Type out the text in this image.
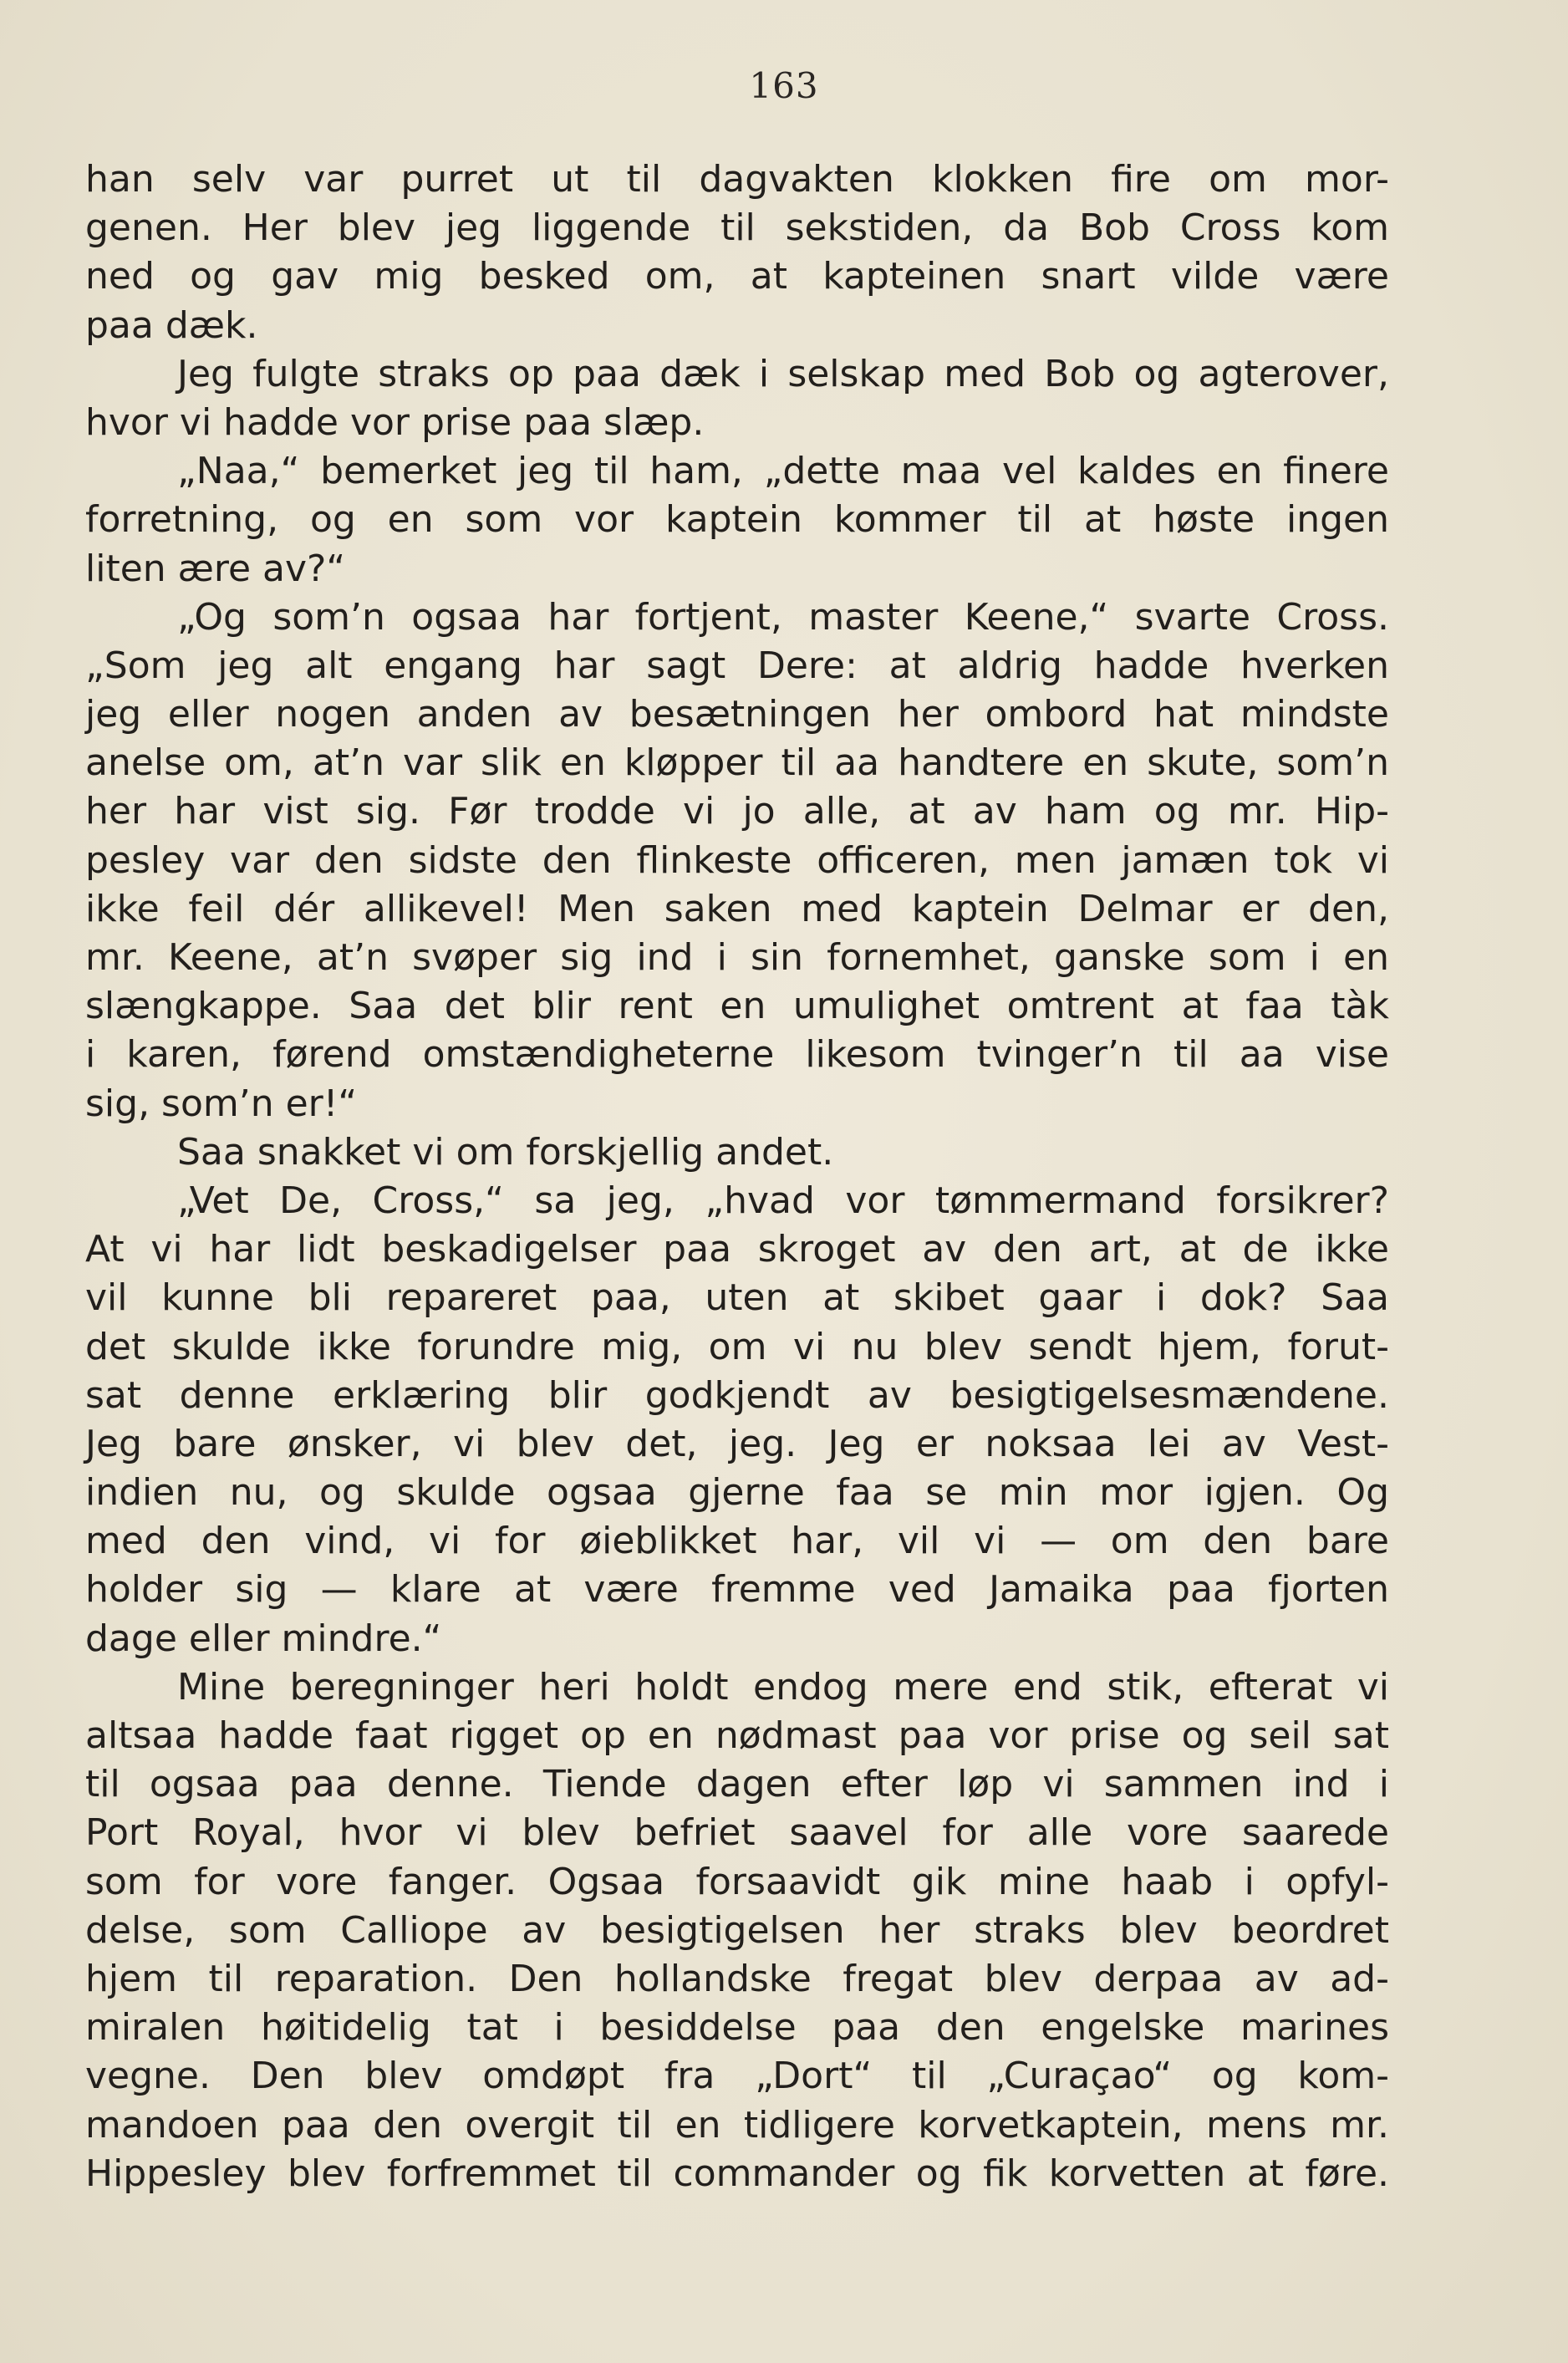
163
han selv var purret ut til dagvakten klokken fire om mor-
genen. Her blev jeg liggende til sekstiden, da Bob Cross kom
ned og gav mig besked om, at kapteinen snart vilde være
paa dæk.
Jeg fulgte straks op paa dæk i selskap med Bob og agterover,
hvor vi hadde vor prise paa slæp.
„Naa,“ bemerket jeg til ham, „dette maa vel kaldes en finere
forretning, og en som vor kaptein kommer til at høste ingen
liten ære av?“
„Og som’n ogsaa har fortjent, master Keene,“ svarte Cross.
„Som jeg alt engang har sagt Dere: at aldrig hadde hverken
jeg eller nogen anden av besætningen her ombord hat mindste
anelse om, at’n var slik en kløpper til aa handtere en skute, som’n
her har vist sig. Før trodde vi jo alle, at av ham og mr. Hip-
pesley var den sidste den flinkeste officeren, men jamæn tok vi
ikke feil dér allikevel! Men saken med kaptein Delmar er den,
mr. Keene, at’n svøper sig ind i sin fornemhet, ganske som i en
slængkappe. Saa det blir rent en umulighet omtrent at faa tàk
i karen, førend omstændigheterne likesom tvinger’n til aa vise
sig, som’n er!“
Saa snakket vi om forskjellig andet.
„Vet De, Cross,“ sa jeg, „hvad vor tømmermand forsikrer?
At vi har lidt beskadigelser paa skroget av den art, at de ikke
vil kunne bli repareret paa, uten at skibet gaar i dok? Saa
det skulde ikke forundre mig, om vi nu blev sendt hjem, forut-
sat denne erklæring blir godkjendt av besigtigelsesmændene.
Jeg bare ønsker, vi blev det, jeg. Jeg er noksaa lei av Vest-
indien nu, og skulde ogsaa gjerne faa se min mor igjen. Og
med den vind, vi for øieblikket har, vil vi — om den bare
holder sig — klare at være fremme ved Jamaika paa fjorten
dage eller mindre.“
Mine beregninger heri holdt endog mere end stik, efterat vi
altsaa hadde faat rigget op en nødmast paa vor prise og seil sat
til ogsaa paa denne. Tiende dagen efter løp vi sammen ind i
Port Royal, hvor vi blev befriet saavel for alle vore saarede
som for vore fanger. Ogsaa forsaavidt gik mine haab i opfyl-
delse, som Calliope av besigtigelsen her straks blev beordret
hjem til reparation. Den hollandske fregat blev derpaa av ad-
miralen høitidelig tat i besiddelse paa den engelske marines
vegne. Den blev omdøpt fra „Dort“ til „Curaçao“ og kom-
mandoen paa den overgit til en tidligere korvetkaptein, mens mr.
Hippesley blev forfremmet til commander og fik korvetten at føre.
